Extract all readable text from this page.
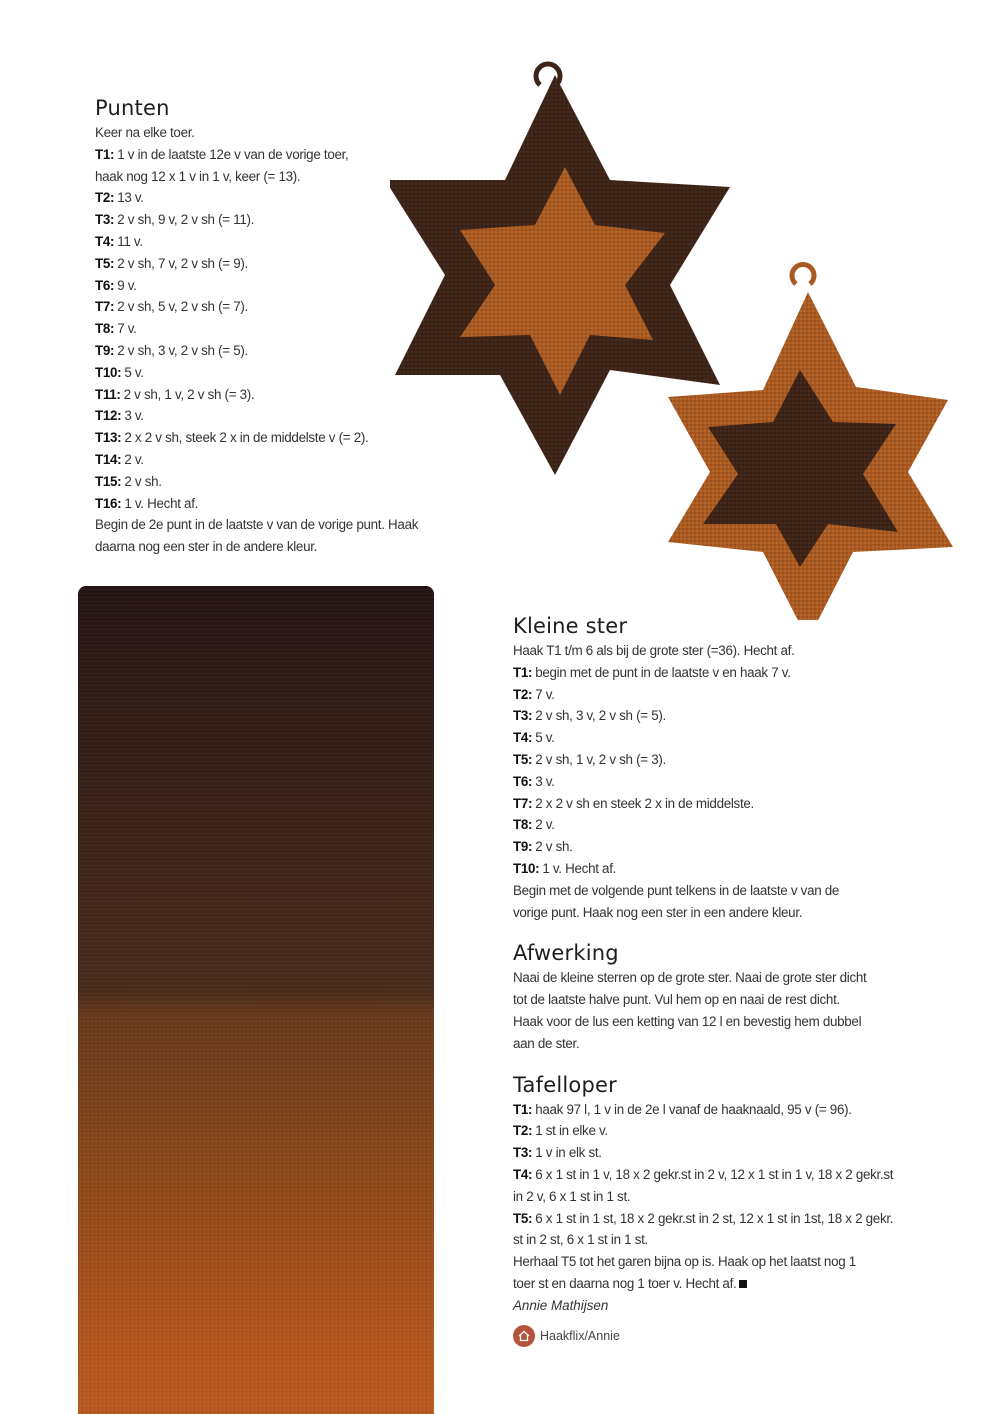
Punten
Keer na elke toer.
T1: 1 v in de laatste 12e v van de vorige toer,
haak nog 12 x 1 v in 1 v, keer (= 13).
T2: 13 v.
T3: 2 v sh, 9 v, 2 v sh (= 11).
T4: 11 v.
T5: 2 v sh, 7 v, 2 v sh (= 9).
T6: 9 v.
T7: 2 v sh, 5 v, 2 v sh (= 7).
T8: 7 v.
T9: 2 v sh, 3 v, 2 v sh (= 5).
T10: 5 v.
T11: 2 v sh, 1 v, 2 v sh (= 3).
T12: 3 v.
T13: 2 x 2 v sh, steek 2 x in de middelste v (= 2).
T14: 2 v.
T15: 2 v sh.
T16: 1 v. Hecht af.
Begin de 2e punt in de laatste v van de vorige punt. Haak
daarna nog een ster in de andere kleur.
Kleine ster
Haak T1 t/m 6 als bij de grote ster (=36). Hecht af.
T1: begin met de punt in de laatste v en haak 7 v.
T2: 7 v.
T3: 2 v sh, 3 v, 2 v sh (= 5).
T4: 5 v.
T5: 2 v sh, 1 v, 2 v sh (= 3).
T6: 3 v.
T7: 2 x 2 v sh en steek 2 x in de middelste.
T8: 2 v.
T9: 2 v sh.
T10: 1 v. Hecht af.
Begin met de volgende punt telkens in de laatste v van de
vorige punt. Haak nog een ster in een andere kleur.
Afwerking
Naai de kleine sterren op de grote ster. Naai de grote ster dicht
tot de laatste halve punt. Vul hem op en naai de rest dicht.
Haak voor de lus een ketting van 12 l en bevestig hem dubbel
aan de ster.
Tafelloper
T1: haak 97 l, 1 v in de 2e l vanaf de haaknaald, 95 v (= 96).
T2: 1 st in elke v.
T3: 1 v in elk st.
T4: 6 x 1 st in 1 v, 18 x 2 gekr.st in 2 v, 12 x 1 st in 1 v, 18 x 2 gekr.st
in 2 v, 6 x 1 st in 1 st.
T5: 6 x 1 st in 1 st, 18 x 2 gekr.st in 2 st, 12 x 1 st in 1st, 18 x 2 gekr.
st in 2 st, 6 x 1 st in 1 st.
Herhaal T5 tot het garen bijna op is. Haak op het laatst nog 1
toer st en daarna nog 1 toer v. Hecht af.
Annie Mathijsen
Haakflix/Annie
